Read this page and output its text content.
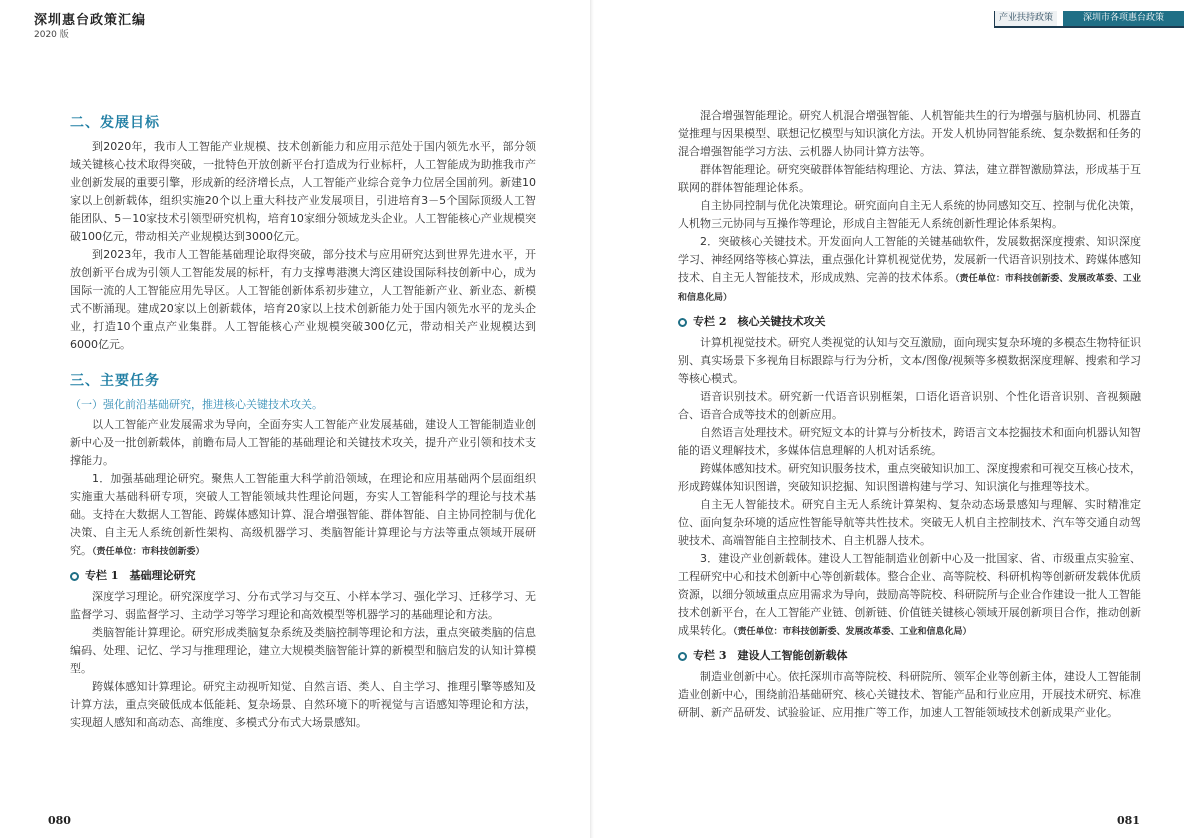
深圳惠台政策汇编
2020 版
产业扶持政策	深圳市各项惠台政策
二、发展目标

到2020年，我市人工智能产业规模、技术创新能力和应用示范处于国内领先水平，部分领域关键核心技术取得突破，一批特色开放创新平台打造成为行业标杆，人工智能成为助推我市产业创新发展的重要引擎，形成新的经济增长点，人工智能产业综合竞争力位居全国前列。新建10家以上创新载体，组织实施20个以上重大科技产业发展项目，引进培育3－5个国际顶级人工智能团队、5－10家技术引领型研究机构，培育10家细分领域龙头企业。人工智能核心产业规模突破100亿元，带动相关产业规模达到3000亿元。

到2023年，我市人工智能基础理论取得突破，部分技术与应用研究达到世界先进水平，开放创新平台成为引领人工智能发展的标杆，有力支撑粤港澳大湾区建设国际科技创新中心，成为国际一流的人工智能应用先导区。人工智能创新体系初步建立，人工智能新产业、新业态、新模式不断涌现。建成20家以上创新载体，培育20家以上技术创新能力处于国内领先水平的龙头企业，打造10个重点产业集群。人工智能核心产业规模突破300亿元，带动相关产业规模达到6000亿元。

三、主要任务
（一）强化前沿基础研究，推进核心关键技术攻关。

以人工智能产业发展需求为导向，全面夯实人工智能产业发展基础，建设人工智能制造业创新中心及一批创新载体，前瞻布局人工智能的基础理论和关键技术攻关，提升产业引领和技术支撑能力。

1．加强基础理论研究。聚焦人工智能重大科学前沿领域，在理论和应用基础两个层面组织实施重大基础科研专项，突破人工智能领域共性理论问题，夯实人工智能科学的理论与技术基础。支持在大数据人工智能、跨媒体感知计算、混合增强智能、群体智能、自主协同控制与优化决策、自主无人系统创新性架构、高级机器学习、类脑智能计算理论与方法等重点领域开展研究。（责任单位：市科技创新委）

专栏 1　基础理论研究

深度学习理论。研究深度学习、分布式学习与交互、小样本学习、强化学习、迁移学习、无监督学习、弱监督学习、主动学习等学习理论和高效模型等机器学习的基础理论和方法。

类脑智能计算理论。研究形成类脑复杂系统及类脑控制等理论和方法，重点突破类脑的信息编码、处理、记忆、学习与推理理论，建立大规模类脑智能计算的新模型和脑启发的认知计算模型。

跨媒体感知计算理论。研究主动视听知觉、自然言语、类人、自主学习、推理引擎等感知及计算方法，重点突破低成本低能耗、复杂场景、自然环境下的听视觉与言语感知等理论和方法，实现超人感知和高动态、高维度、多模式分布式大场景感知。

混合增强智能理论。研究人机混合增强智能、人机智能共生的行为增强与脑机协同、机器直觉推理与因果模型、联想记忆模型与知识演化方法。开发人机协同智能系统、复杂数据和任务的混合增强智能学习方法、云机器人协同计算方法等。

群体智能理论。研究突破群体智能结构理论、方法、算法，建立群智激励算法，形成基于互联网的群体智能理论体系。

自主协同控制与优化决策理论。研究面向自主无人系统的协同感知交互、控制与优化决策，人机物三元协同与互操作等理论，形成自主智能无人系统创新性理论体系架构。

2．突破核心关键技术。开发面向人工智能的关键基础软件，发展数据深度搜索、知识深度学习、神经网络等核心算法，重点强化计算机视觉优势，发展新一代语音识别技术、跨媒体感知技术、自主无人智能技术，形成成熟、完善的技术体系。（责任单位：市科技创新委、发展改革委、工业和信息化局）

专栏 2　核心关键技术攻关

计算机视觉技术。研究人类视觉的认知与交互激励，面向现实复杂环境的多模态生物特征识别、真实场景下多视角目标跟踪与行为分析，文本/图像/视频等多模数据深度理解、搜索和学习等核心模式。

语音识别技术。研究新一代语音识别框架，口语化语音识别、个性化语音识别、音视频融合、语音合成等技术的创新应用。

自然语言处理技术。研究短文本的计算与分析技术，跨语言文本挖掘技术和面向机器认知智能的语义理解技术，多媒体信息理解的人机对话系统。

跨媒体感知技术。研究知识服务技术，重点突破知识加工、深度搜索和可视交互核心技术，形成跨媒体知识图谱，突破知识挖掘、知识图谱构建与学习、知识演化与推理等技术。

自主无人智能技术。研究自主无人系统计算架构、复杂动态场景感知与理解、实时精准定位、面向复杂环境的适应性智能导航等共性技术。突破无人机自主控制技术、汽车等交通自动驾驶技术、高端智能自主控制技术、自主机器人技术。

3．建设产业创新载体。建设人工智能制造业创新中心及一批国家、省、市级重点实验室、工程研究中心和技术创新中心等创新载体。整合企业、高等院校、科研机构等创新研发载体优质资源，以细分领域重点应用需求为导向，鼓励高等院校、科研院所与企业合作建设一批人工智能技术创新平台，在人工智能产业链、创新链、价值链关键核心领域开展创新项目合作，推动创新成果转化。（责任单位：市科技创新委、发展改革委、工业和信息化局）

专栏 3　建设人工智能创新载体

制造业创新中心。依托深圳市高等院校、科研院所、领军企业等创新主体，建设人工智能制造业创新中心，围绕前沿基础研究、核心关键技术、智能产品和行业应用，开展技术研究、标准研制、新产品研发、试验验证、应用推广等工作，加速人工智能领域技术创新成果产业化。

080	081
